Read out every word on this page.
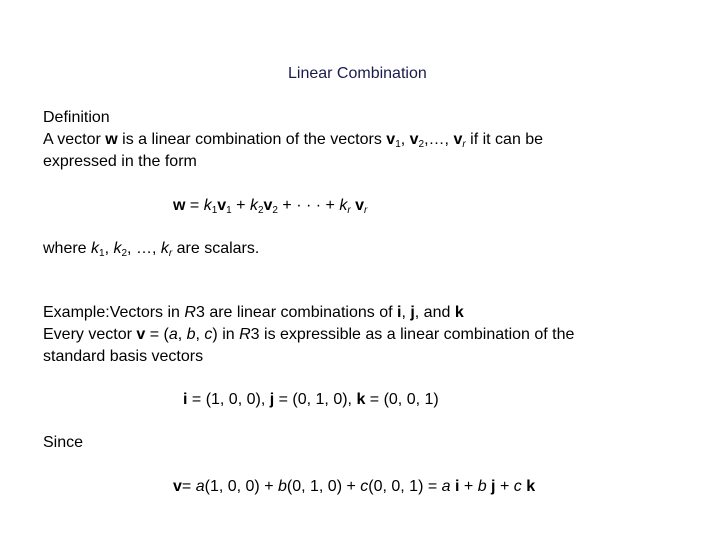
Linear Combination
Definition
A vector w is a linear combination of the vectors $v_1$, $v_2,\dots$, $v_r$ if it can be
expressed in the form
$w = k_1v_1 + k_2v_2$ + · · · + $k_r$ $v_r$
where $k_1$, $k_2$, …, $k_r$ are scalars.
Example:Vectors in R3 are linear combinations of i, j, and k
Every vector v = (a, b, c) in R3 is expressible as a linear combination of the
standard basis vectors
i = (1, 0, 0), j = (0, 1, 0), k = (0, 0, 1)
Since
v= a(1, 0, 0) + b(0, 1, 0) + c(0, 0, 1) = a i + b j + c k
